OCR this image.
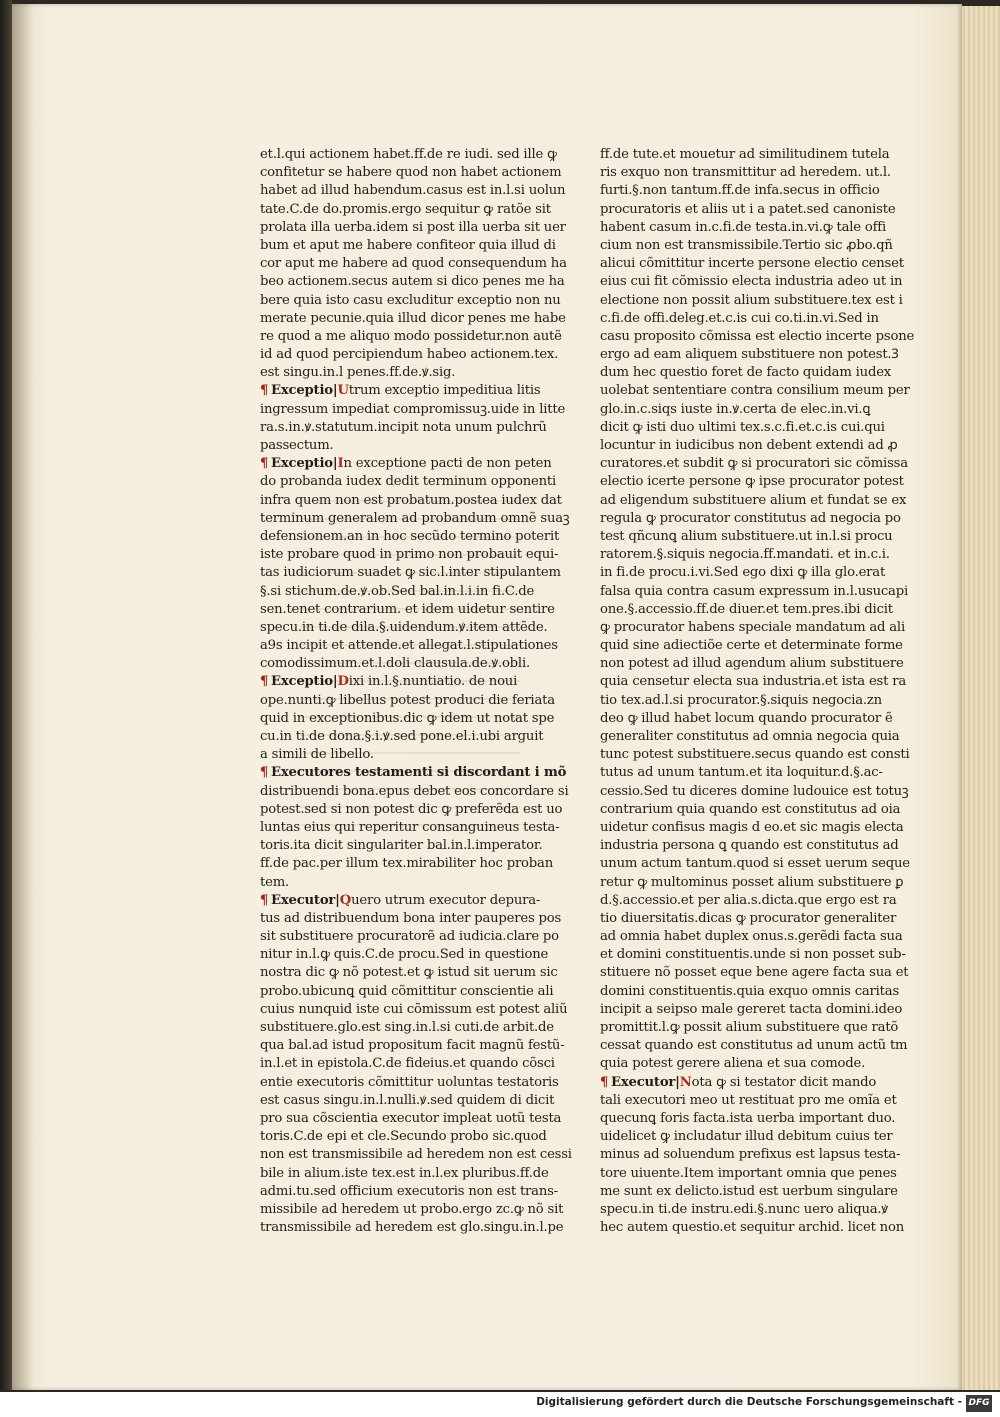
et.l.qui actionem habet.ff.de re iudi. sed ille ꝙ
confitetur se habere quod non habet actionem
habet ad illud habendum.casus est in.l.si uolun
tate.C.de do.promis.ergo sequitur ꝙ ratõe sit
prolata illa uerba.idem si post illa uerba sit uer
bum et aput me habere confiteor quia illud di
cor aput me habere ad quod consequendum ha
beo actionem.secus autem si dico penes me ha
bere quia isto casu excluditur exceptio non nu
merate pecunie.quia illud dicor penes me habe
re quod a me aliquo modo possidetur.non autẽ
id ad quod percipiendum habeo actionem.tex.
est singu.in.l penes.ff.de.ꝟ.sig.
¶ Exceptio|Utrum exceptio impeditiua litis
ingressum impediat compromissuꝫ.uide in litte
ra.s.in.ꝟ.statutum.incipit nota unum pulchrũ
passectum.
¶ Exceptio|In exceptione pacti de non peten
do probanda iudex dedit terminum opponenti
infra quem non est probatum.postea iudex dat
terminum generalem ad probandum omnẽ suaꝫ
defensionem.an in hoc secũdo termino poterit
iste probare quod in primo non probauit equi-
tas iudiciorum suadet ꝙ sic.l.inter stipulantem
§.si stichum.de.ꝟ.ob.Sed bal.in.l.i.in fi.C.de
sen.tenet contrarium. et idem uidetur sentire
specu.in ti.de dila.§.uidendum.ꝟ.item attẽde.
a9s incipit et attende.et allegat.l.stipulationes
comodissimum.et.l.doli clausula.de.ꝟ.obli.
¶ Exceptio|Dixi in.l.§.nuntiatio. de noui
ope.nunti.ꝙ libellus potest produci die feriata
quid in exceptionibus.dic ꝙ idem ut notat spe
cu.in ti.de dona.§.i.ꝟ.sed pone.el.i.ubi arguit
a simili de libello.
¶ Executores testamenti si discordant i mõ
distribuendi bona.epus debet eos concordare si
potest.sed si non potest dic ꝙ preferẽda est uo
luntas eius qui reperitur consanguineus testa-
toris.ita dicit singulariter bal.in.l.imperator.
ff.de pac.per illum tex.mirabiliter hoc proban
tem.
¶ Executor|Quero utrum executor depura-
tus ad distribuendum bona inter pauperes pos
sit substituere procuratorẽ ad iudicia.clare po
nitur in.l.ꝙ quis.C.de procu.Sed in questione
nostra dic ꝙ nõ potest.et ꝙ istud sit uerum sic
probo.ubicunꝗ quid cõmittitur conscientie ali
cuius nunquid iste cui cõmissum est potest aliũ
substituere.glo.est sing.in.l.si cuti.de arbit.de
qua bal.ad istud propositum facit magnũ festũ-
in.l.et in epistola.C.de fideius.et quando cõsci
entie executoris cõmittitur uoluntas testatoris
est casus singu.in.l.nulli.ꝟ.sed quidem di dicit
pro sua cõscientia executor impleat uotũ testa
toris.C.de epi et cle.Secundo probo sic.quod
non est transmissibile ad heredem non est cessi
bile in alium.iste tex.est in.l.ex pluribus.ff.de
admi.tu.sed officium executoris non est trans-
missibile ad heredem ut probo.ergo zc.ꝙ nõ sit
transmissibile ad heredem est glo.singu.in.l.pe
ff.de tute.et mouetur ad similitudinem tutela
ris exquo non transmittitur ad heredem. ut.l.
furti.§.non tantum.ff.de infa.secus in officio
procuratoris et aliis ut i a patet.sed canoniste
habent casum in.c.fi.de testa.in.vi.ꝙ tale offi
cium non est transmissibile.Tertio sic ꝓbo.qñ
alicui cõmittitur incerte persone electio censet
eius cui fit cõmissio electa industria adeo ut in
electione non possit alium substituere.tex est i
c.fi.de offi.deleg.et.c.is cui co.ti.in.vi.Sed in
casu proposito cõmissa est electio incerte psone
ergo ad eam aliquem substituere non potest.Ꝫ
dum hec questio foret de facto quidam iudex
uolebat sententiare contra consilium meum per
glo.in.c.siqs iuste in.ꝟ.certa de elec.in.vi.ꝗ
dicit ꝙ isti duo ultimi tex.s.c.fi.et.c.is cui.qui
locuntur in iudicibus non debent extendi ad ꝓ
curatores.et subdit ꝙ si procuratori sic cõmissa
electio icerte persone ꝙ ipse procurator potest
ad eligendum substituere alium et fundat se ex
regula ꝙ procurator constitutus ad negocia po
test qñcunꝗ alium substituere.ut in.l.si procu
ratorem.§.siquis negocia.ff.mandati. et in.c.i.
in fi.de procu.i.vi.Sed ego dixi ꝙ illa glo.erat
falsa quia contra casum expressum in.l.usucapi
one.§.accessio.ff.de diuer.et tem.pres.ibi dicit
ꝙ procurator habens speciale mandatum ad ali
quid sine adiectiõe certe et determinate forme
non potest ad illud agendum alium substituere
quia censetur electa sua industria.et ista est ra
tio tex.ad.l.si procurator.§.siquis negocia.zn
deo ꝙ illud habet locum quando procurator ẽ
generaliter constitutus ad omnia negocia quia
tunc potest substituere.secus quando est consti
tutus ad unum tantum.et ita loquitur.d.§.ac-
cessio.Sed tu diceres domine ludouice est totuꝫ
contrarium quia quando est constitutus ad oia
uidetur confisus magis d eo.et sic magis electa
industria persona ꝗ quando est constitutus ad
unum actum tantum.quod si esset uerum seque
retur ꝙ multominus posset alium substituere ꝑ
d.§.accessio.et per alia.s.dicta.que ergo est ra
tio diuersitatis.dicas ꝙ procurator generaliter
ad omnia habet duplex onus.s.gerẽdi facta sua
et domini constituentis.unde si non posset sub-
stituere nõ posset eque bene agere facta sua et
domini constituentis.quia exquo omnis caritas
incipit a seipso male gereret tacta domini.ideo
promittit.l.ꝙ possit alium substituere que ratõ
cessat quando est constitutus ad unum actũ tm
quia potest gerere aliena et sua comode.
¶ Executor|Nota ꝙ si testator dicit mando
tali executori meo ut restituat pro me omĩa et
quecunꝗ foris facta.ista uerba important duo.
uidelicet ꝙ includatur illud debitum cuius ter
minus ad soluendum prefixus est lapsus testa-
tore uiuente.Item important omnia que penes
me sunt ex delicto.istud est uerbum singulare
specu.in ti.de instru.edi.§.nunc uero aliqua.ꝟ
hec autem questio.et sequitur archid. licet non
Digitalisierung gefördert durch die Deutsche Forschungsgemeinschaft - DFG
